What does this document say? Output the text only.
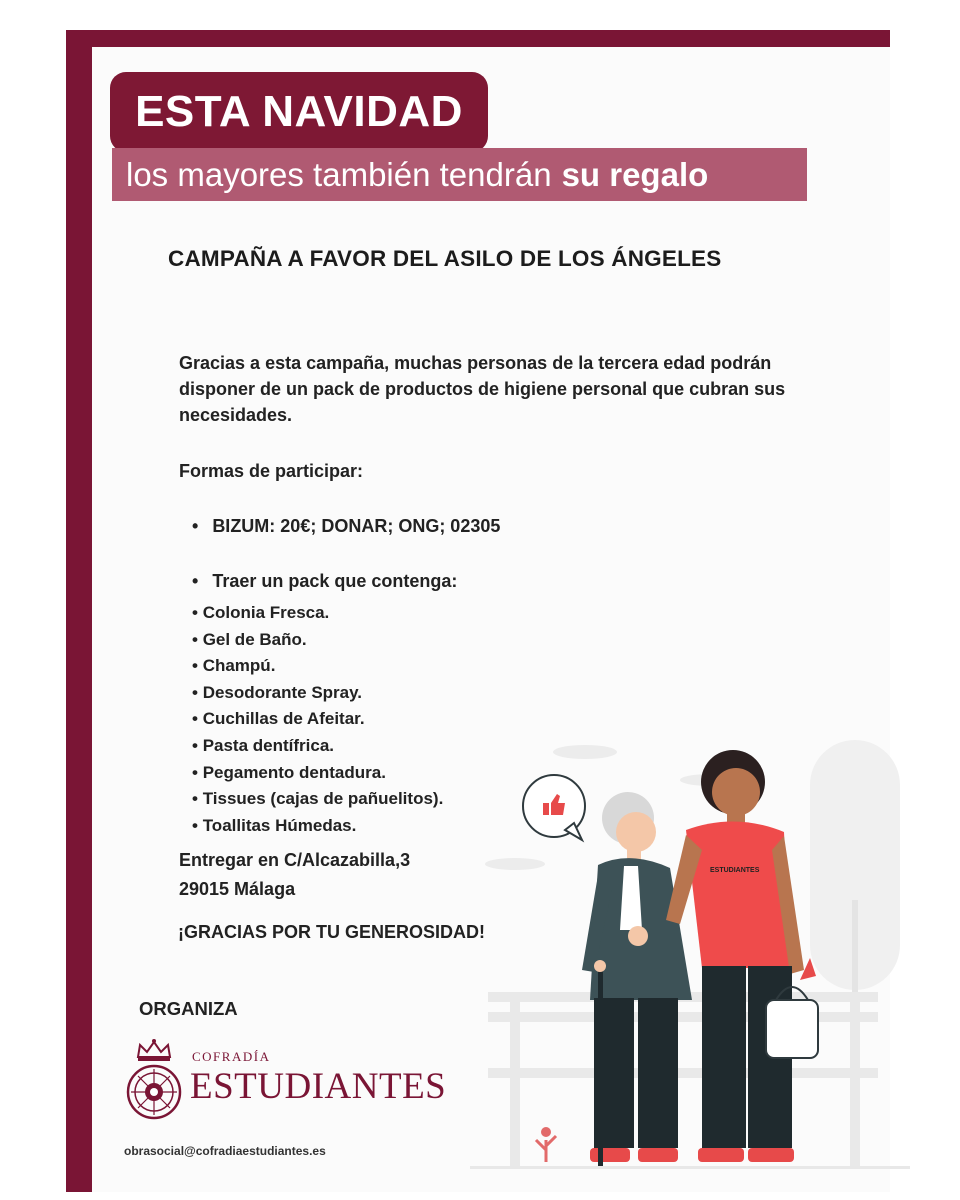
ESTA NAVIDAD
los mayores también tendrán su regalo
CAMPAÑA A FAVOR DEL ASILO DE LOS ÁNGELES
Gracias a esta campaña, muchas personas de la tercera edad podrán disponer de un pack de productos de higiene personal que cubran sus necesidades.
Formas de participar:
• BIZUM: 20€; DONAR; ONG; 02305
• Traer un pack que contenga:
• Colonia Fresca.
• Gel de Baño.
• Champú.
• Desodorante Spray.
• Cuchillas de Afeitar.
• Pasta dentífrica.
• Pegamento dentadura.
• Tissues (cajas de pañuelitos).
• Toallitas Húmedas.
Entregar en C/Alcazabilla,3
29015 Málaga
¡GRACIAS POR TU GENEROSIDAD!
ORGANIZA
COFRADÍA
ESTUDIANTES
obrasocial@cofradiaestudiantes.es
ESTUDIANTES
